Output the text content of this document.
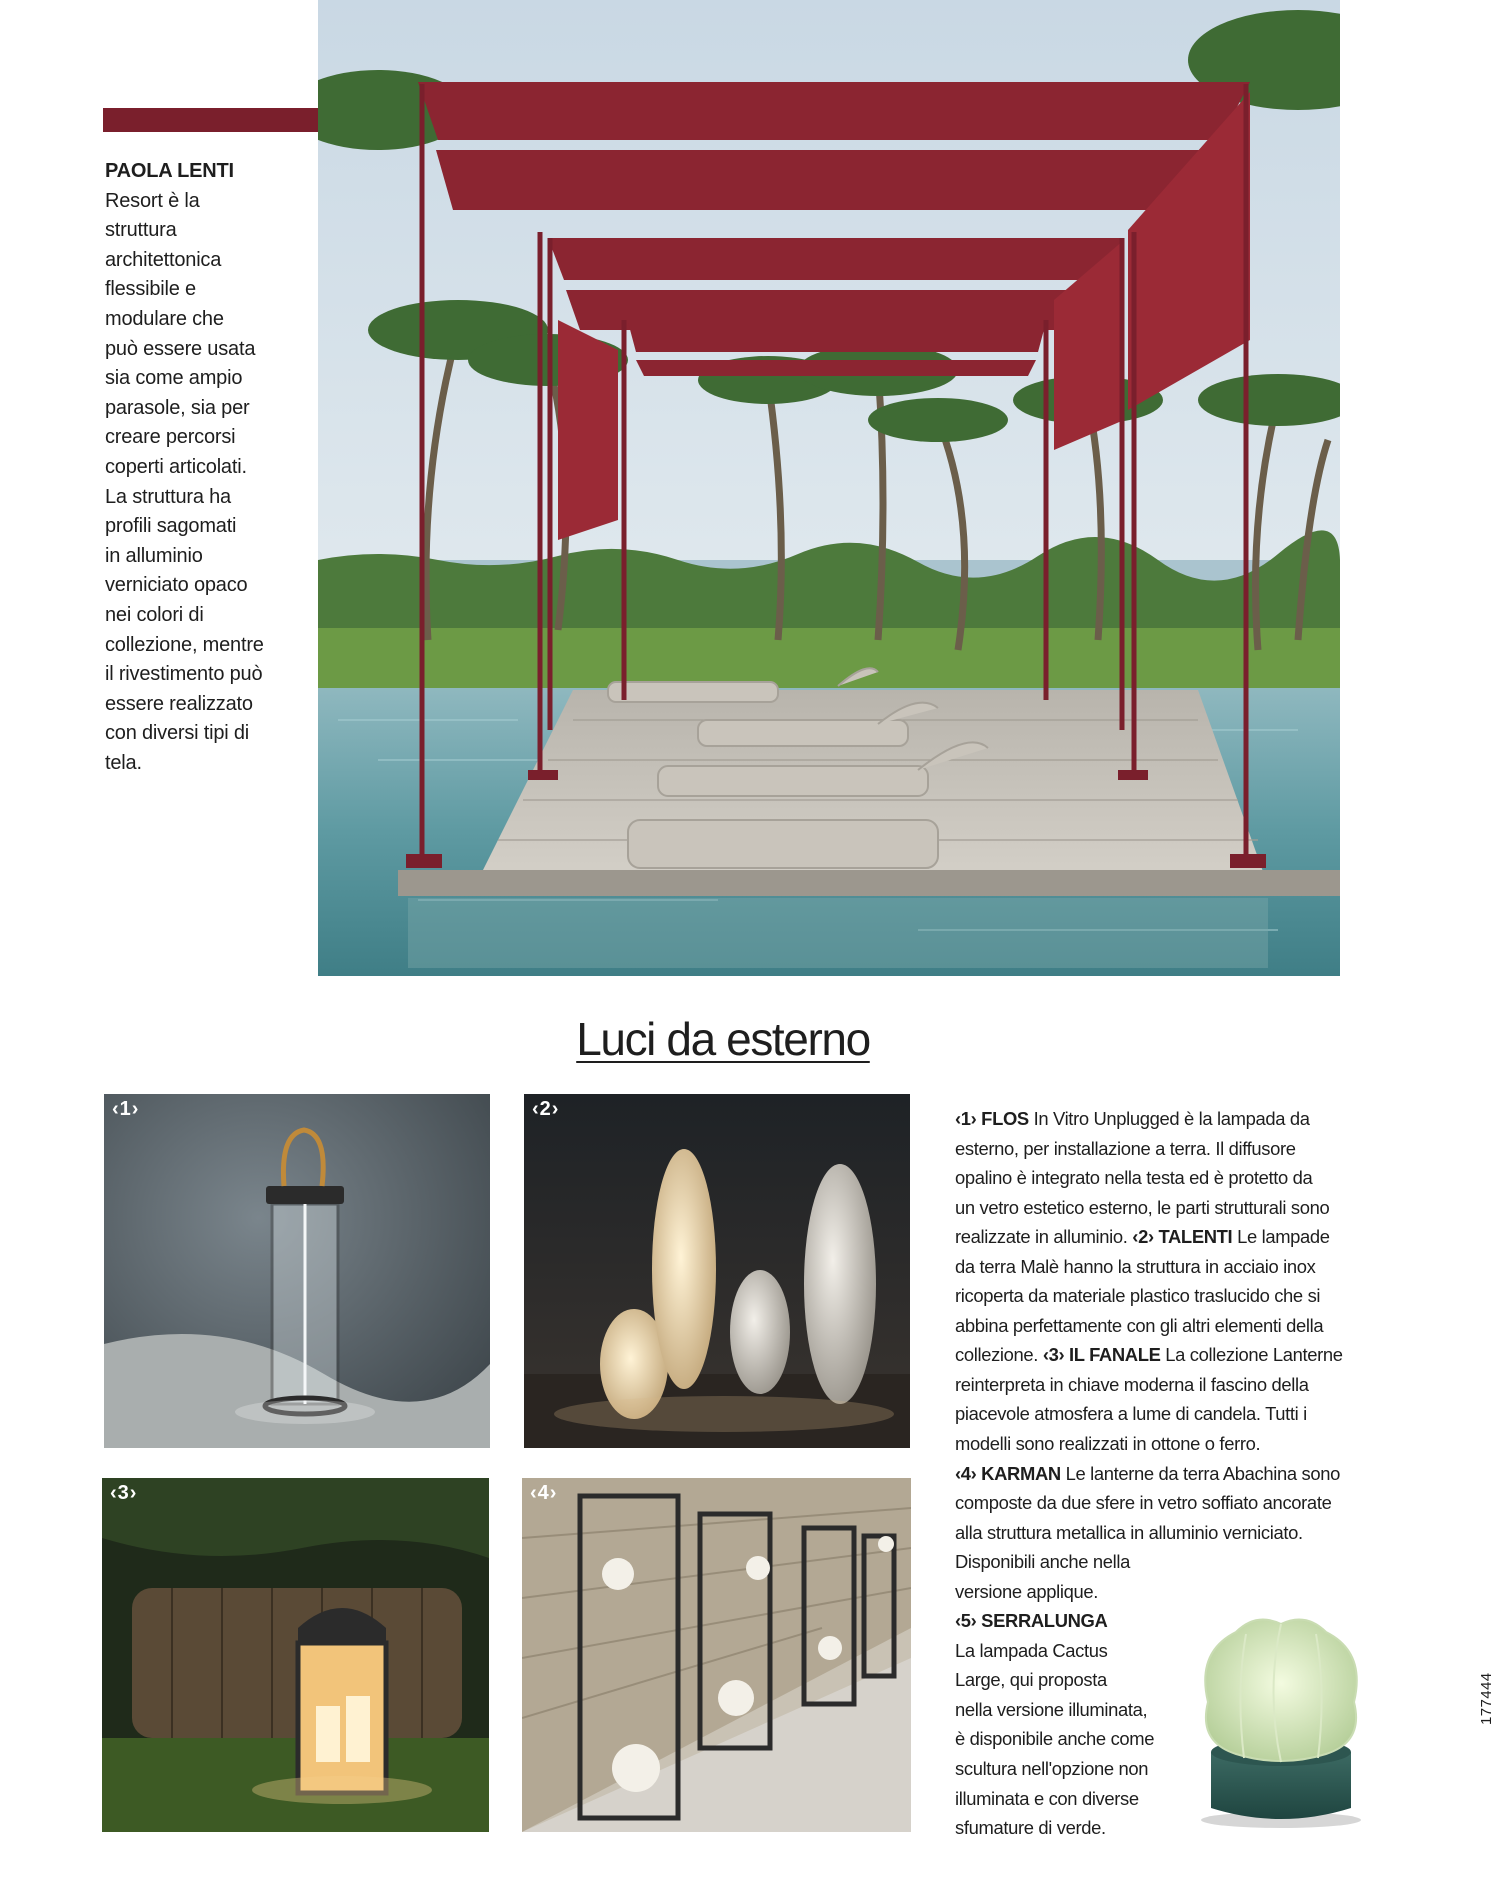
PAOLA LENTI
Resort è la
struttura
architettonica
flessibile e
modulare che
può essere usata
sia come ampio
parasole, sia per
creare percorsi
coperti articolati.
La struttura ha
profili sagomati
in alluminio
verniciato opaco
nei colori di
collezione, mentre
il rivestimento può
essere realizzato
con diversi tipi di
tela.
Luci da esterno
‹1›	‹2›
‹3›	‹4›
‹1› FLOS In Vitro Unplugged è la lampada da
esterno, per installazione a terra. Il diffusore
opalino è integrato nella testa ed è protetto da
un vetro estetico esterno, le parti strutturali sono
realizzate in alluminio. ‹2› TALENTI Le lampade
da terra Malè hanno la struttura in acciaio inox
ricoperta da materiale plastico traslucido che si
abbina perfettamente con gli altri elementi della
collezione. ‹3› IL FANALE La collezione Lanterne
reinterpreta in chiave moderna il fascino della
piacevole atmosfera a lume di candela. Tutti i
modelli sono realizzati in ottone o ferro.
‹4› KARMAN Le lanterne da terra Abachina sono
composte da due sfere in vetro soffiato ancorate
alla struttura metallica in alluminio verniciato.
Disponibili anche nella
versione applique.
‹5› SERRALUNGA
La lampada Cactus
Large, qui proposta
nella versione illuminata,
è disponibile anche come
scultura nell'opzione non
illuminata e con diverse
sfumature di verde.
177444
